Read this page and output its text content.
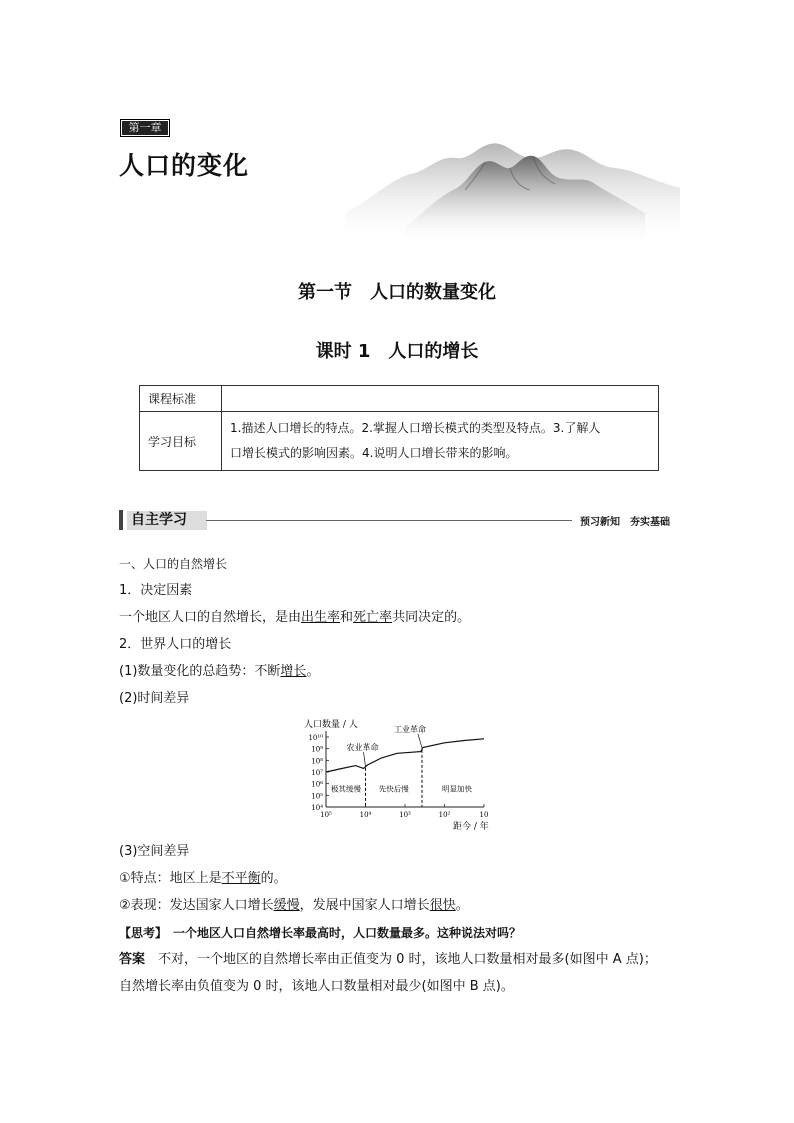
第一章
人口的变化
第一节　人口的数量变化
课时 1　人口的增长
课程标准	
学习目标	1.描述人口增长的特点。2.掌握人口增长模式的类型及特点。3.了解人
口增长模式的影响因素。4.说明人口增长带来的影响。
自主学习	预习新知　夯实基础
一、人口的自然增长
1．决定因素
一个地区人口的自然增长，是由出生率和死亡率共同决定的。
2．世界人口的增长
(1)数量变化的总趋势：不断增长。
(2)时间差异
人口数量 / 人
距今 / 年
10⁴
10⁵
10⁶
10⁷
10⁸
10⁹
10¹⁰
10⁵	10⁴	10³	10²	10
农业革命
工业革命
极其缓慢 先快后慢	明显加快
(3)空间差异
①特点：地区上是不平衡的。
②表现：发达国家人口增长缓慢，发展中国家人口增长很快。
【思考】　一个地区人口自然增长率最高时，人口数量最多。这种说法对吗？
答案　不对，一个地区的自然增长率由正值变为 0 时，该地人口数量相对最多(如图中 A 点)；
自然增长率由负值变为 0 时，该地人口数量相对最少(如图中 B 点)。
